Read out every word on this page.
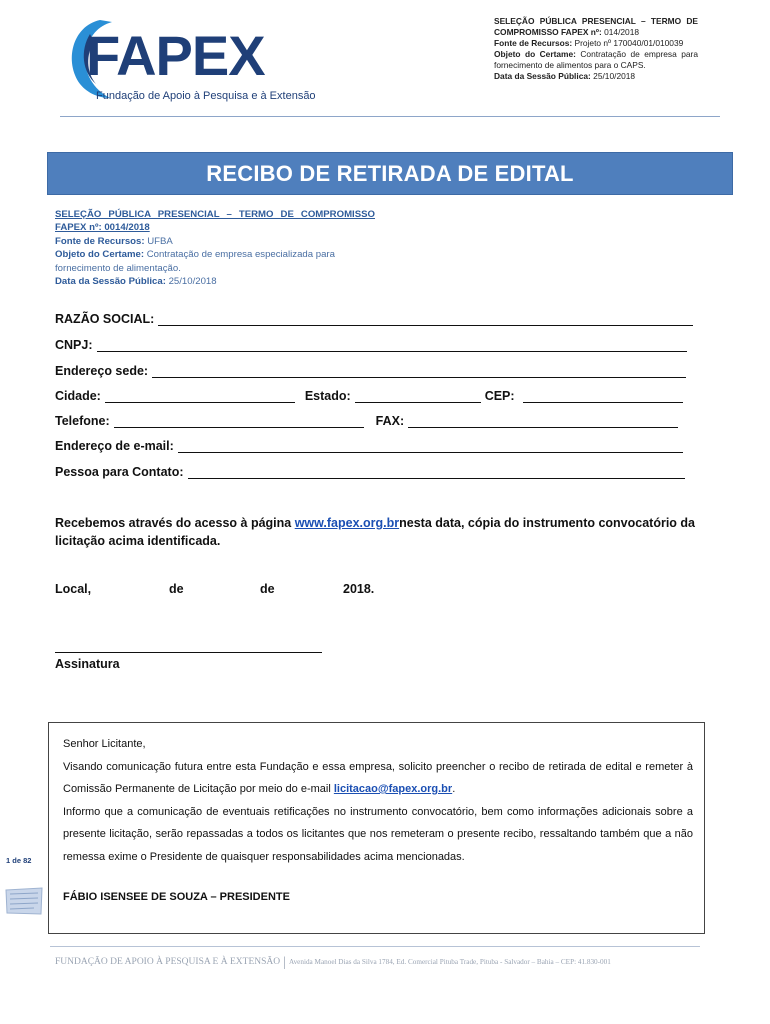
FAPEX
Fundação de Apoio à Pesquisa e à Extensão

SELEÇÃO PÚBLICA PRESENCIAL – TERMO DE

COMPROMISSO FAPEX nº: 014/2018

Fonte de Recursos: Projeto nº 170040/01/010039

Objeto do Certame: Contratação de empresa para

fornecimento de alimentos para o CAPS.

Data da Sessão Pública: 25/10/2018

RECIBO DE RETIRADA DE EDITAL
SELEÇÃO PÚBLICA PRESENCIAL – TERMO DE COMPROMISSO

FAPEX nº: 0014/2018

Fonte de Recursos: UFBA

Objeto do Certame: Contratação de empresa especializada para

fornecimento de alimentação.

Data da Sessão Pública: 25/10/2018

RAZÃO SOCIAL:
CNPJ:
Endereço sede:
Cidade:	Estado:	CEP:
Telefone:	FAX:
Endereço de e-mail:
Pessoa para Contato:
Recebemos através do acesso à página www.fapex.org.brnesta data, cópia do instrumento convocatório da licitação acima identificada.
Local,	de	de	2018.
Assinatura

Senhor Licitante,

Visando comunicação futura entre esta Fundação e essa empresa, solicito preencher o recibo de retirada de edital e remeter à Comissão Permanente de Licitação por meio do e-mail licitacao@fapex.org.br.

Informo que a comunicação de eventuais retificações no instrumento convocatório, bem como informações adicionais sobre a presente licitação, serão repassadas a todos os licitantes que nos remeteram o presente recibo, ressaltando também que a não remessa exime o Presidente de quaisquer responsabilidades acima mencionadas.

FÁBIO ISENSEE DE SOUZA – PRESIDENTE
1 de 82
FUNDAÇÃO DE APOIO À PESQUISA E À EXTENSÃO | Avenida Manoel Dias da Silva 1784, Ed. Comercial Pituba Trade, Pituba - Salvador – Bahia – CEP: 41.830-001
